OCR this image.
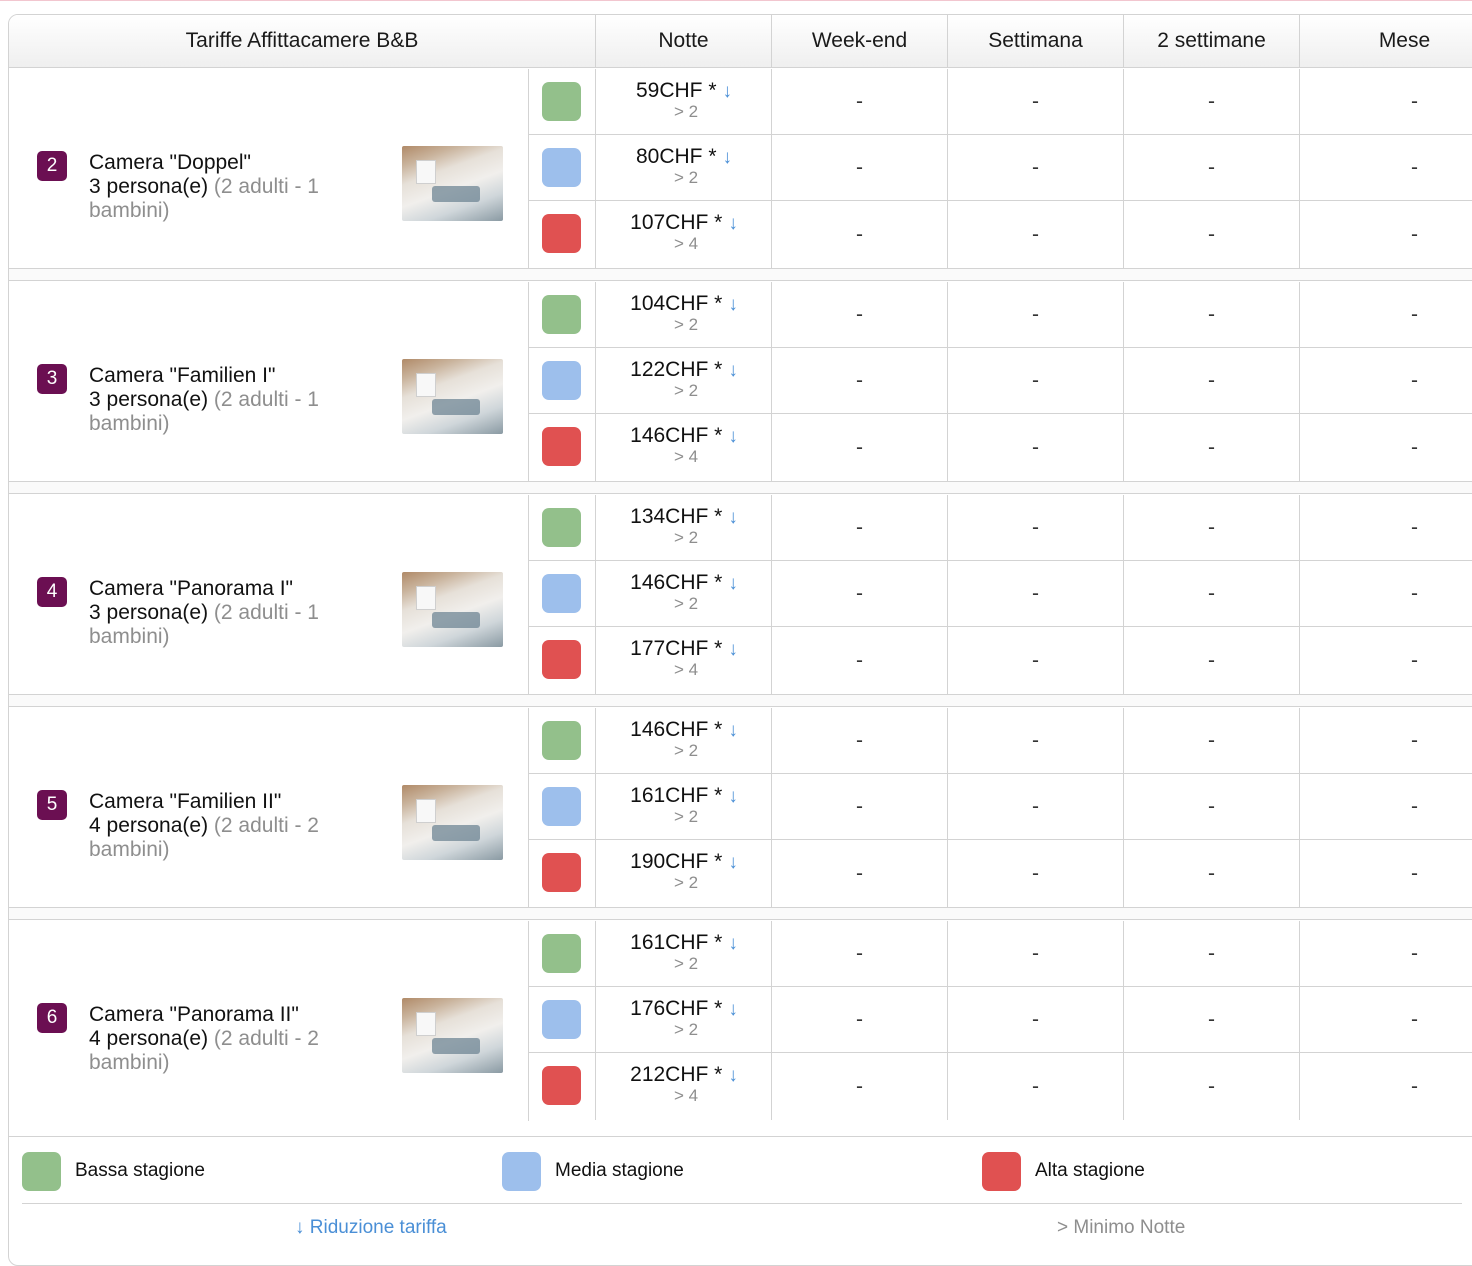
Tariffe Affittacamere B&B	Notte	Week-end	Settimana	2 settimane	Mese
2	Camera "Doppel"
3 persona(e) (2 adulti - 1 bambini)
59CHF * ↓
> 2	-	-	-	-
80CHF * ↓
> 2	-	-	-	-
107CHF * ↓
> 4	-	-	-	-
3	Camera "Familien I"
3 persona(e) (2 adulti - 1 bambini)
104CHF * ↓
> 2	-	-	-	-
122CHF * ↓
> 2	-	-	-	-
146CHF * ↓
> 4	-	-	-	-
4	Camera "Panorama I"
3 persona(e) (2 adulti - 1 bambini)
134CHF * ↓
> 2	-	-	-	-
146CHF * ↓
> 2	-	-	-	-
177CHF * ↓
> 4	-	-	-	-
5	Camera "Familien II"
4 persona(e) (2 adulti - 2 bambini)
146CHF * ↓
> 2	-	-	-	-
161CHF * ↓
> 2	-	-	-	-
190CHF * ↓
> 2	-	-	-	-
6	Camera "Panorama II"
4 persona(e) (2 adulti - 2 bambini)
161CHF * ↓
> 2	-	-	-	-
176CHF * ↓
> 2	-	-	-	-
212CHF * ↓
> 4	-	-	-	-
Bassa stagione	Media stagione	Alta stagione
↓ Riduzione tariffa	> Minimo Notte
